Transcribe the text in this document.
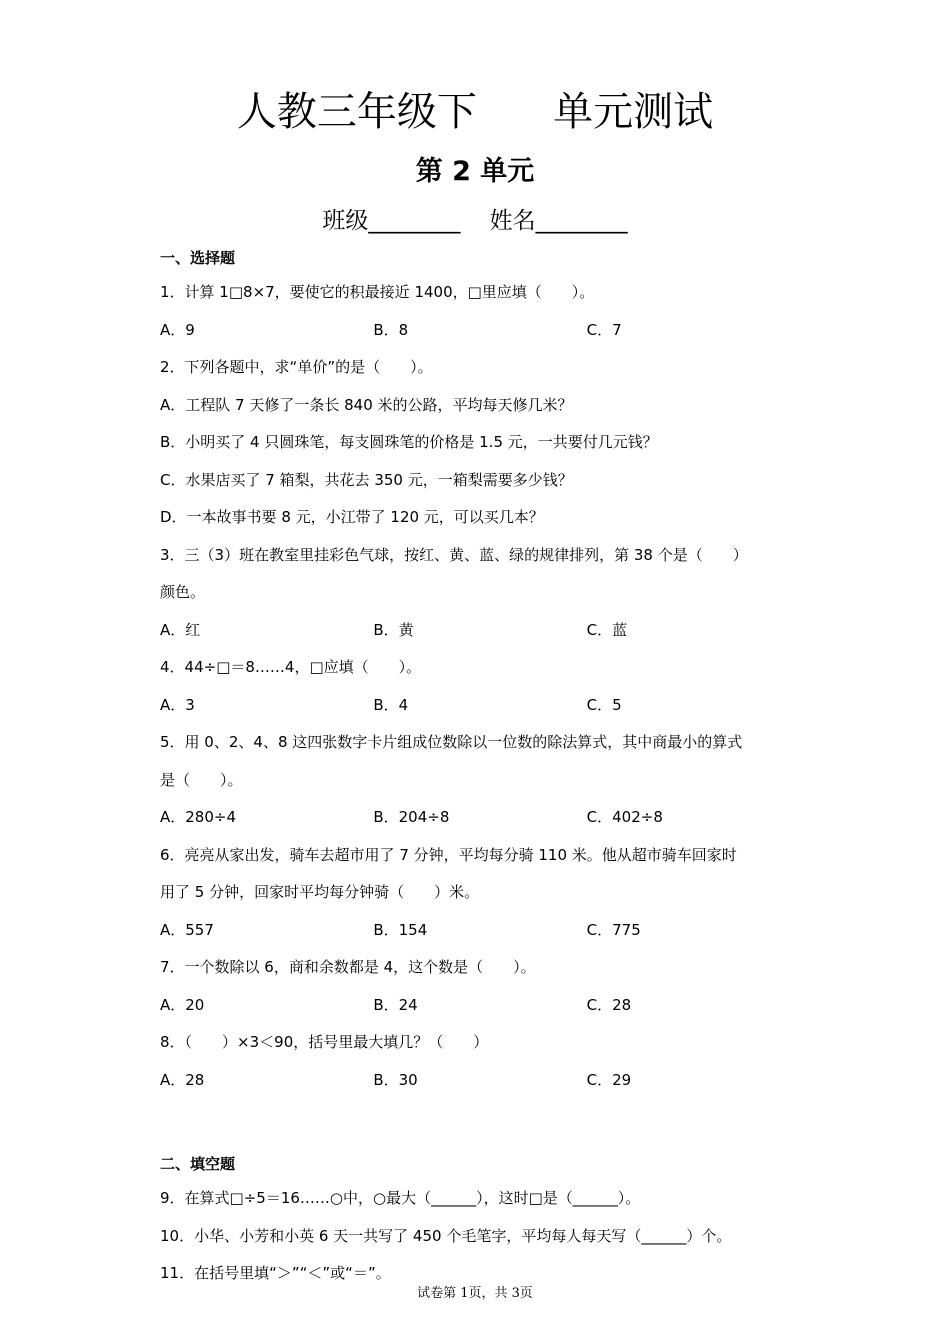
人教三年级下      单元测试
第 2 单元
班级________    姓名________
一、选择题
1．计算 1□8×7，要使它的积最接近 1400，□里应填（　　）。
A．9	B．8	C．7
2．下列各题中，求“单价”的是（　　）。
A．工程队 7 天修了一条长 840 米的公路，平均每天修几米？
B．小明买了 4 只圆珠笔，每支圆珠笔的价格是 1.5 元，一共要付几元钱？
C．水果店买了 7 箱梨，共花去 350 元，一箱梨需要多少钱？
D．一本故事书要 8 元，小江带了 120 元，可以买几本？
3．三（3）班在教室里挂彩色气球，按红、黄、蓝、绿的规律排列，第 38 个是（　　）
颜色。
A．红	B．黄	C．蓝
4．44÷□＝8……4，□应填（　　）。
A．3	B．4	C．5
5．用 0、2、4、8 这四张数字卡片组成位数除以一位数的除法算式，其中商最小的算式
是（　　）。
A．280÷4	B．204÷8	C．402÷8
6．亮亮从家出发，骑车去超市用了 7 分钟，平均每分骑 110 米。他从超市骑车回家时
用了 5 分钟，回家时平均每分钟骑（　　）米。
A．557	B．154	C．775
7．一个数除以 6，商和余数都是 4，这个数是（　　）。
A．20	B．24	C．28
8．（　　）×3＜90，括号里最大填几？（　　）
A．28	B．30	C．29
二、填空题
9．在算式□÷5＝16……○中，○最大（______），这时□是（______）。
10．小华、小芳和小英 6 天一共写了 450 个毛笔字，平均每人每天写（______）个。
11．在括号里填“＞”“＜”或“＝”。
试卷第 1页，共 3页
